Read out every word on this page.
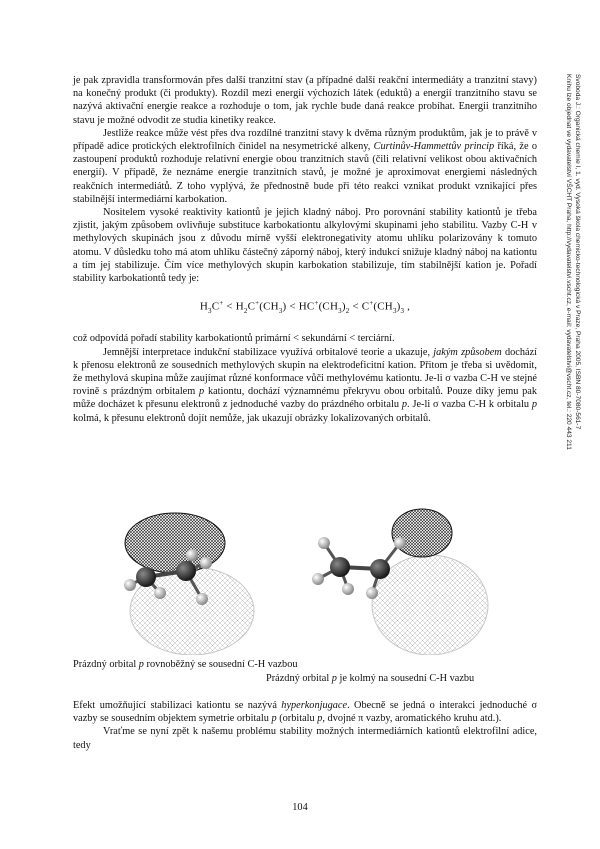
Svoboda J.: Organická chemie I, 1. vyd. Vysoká škola chemicko-technologická v Praze, Praha 2005, ISBN 80-7080-561-7
Knihu lze objednat ve vydavatelství VŠCHT Praha, http://vydavatelstvi.vscht.cz, e-mail: vydavatelstvi@vscht.cz, tel.: 220 443 211

je pak zpravidla transformován přes další tranzitní stav (a případné další reakční intermediáty a tranzitní stavy) na konečný produkt (či produkty). Rozdíl mezi energií výchozích látek (eduktů) a energií tranzitního stavu se nazývá aktivační energie reakce a rozhoduje o tom, jak rychle bude daná reakce probíhat. Energii tranzitního stavu je možné odvodit ze studia kinetiky reakce.

Jestliže reakce může vést přes dva rozdílné tranzitní stavy k dvěma různým produktům, jak je to právě v případě adice protických elektrofilních činidel na nesymetrické alkeny, Curtinův-Hammettův princip říká, že o zastoupení produktů rozhoduje relativní energie obou tranzitních stavů (čili relativní velikost obou aktivačních energií). V případě, že neznáme energie tranzitních stavů, je možné je aproximovat energiemi následných reakčních intermediátů. Z toho vyplývá, že přednostně bude při této reakci vznikat produkt vznikající přes stabilnější intermediární karbokation.

Nositelem vysoké reaktivity kationtů je jejich kladný náboj. Pro porovnání stability kationtů je třeba zjistit, jakým způsobem ovlivňuje substituce karbokationtu alkylovými skupinami jeho stabilitu. Vazby C-H v methylových skupinách jsou z důvodu mírně vyšší elektronegativity atomu uhlíku polarizovány k tomuto atomu. V důsledku toho má atom uhlíku částečný záporný náboj, který indukcí snižuje kladný náboj na kationtu a tím jej stabilizuje. Čím více methylových skupin karbokation stabilizuje, tím stabilnější kation je. Pořadí stability karbokationtů tedy je:

$H_3C^+ < H_2C^+(CH_3) < HC^+(CH_3)_2 < C^+(CH_3)_3$ ,

což odpovídá pořadí stability karbokationtů primární < sekundární < terciární.

Jemnější interpretace indukční stabilizace využívá orbitalové teorie a ukazuje, jakým způsobem dochází k přenosu elektronů ze sousedních methylových skupin na elektrodeficitní kation. Přitom je třeba si uvědomit, že methylová skupina může zaujímat různé konformace vůči methylovému kationtu. Je-li σ vazba C-H ve stejné rovině s prázdným orbitalem p kationtu, dochází významnému překryvu obou orbitalů. Pouze díky jemu pak může docházet k přesunu elektronů z jednoduché vazby do prázdného orbitalu p. Je-li σ vazba C-H k orbitalu p kolmá, k přesunu elektronů dojít nemůže, jak ukazují obrázky lokalizovaných orbitalů.

Prázdný orbital p rovnoběžný se sousední C-H vazbou
Prázdný orbital p je kolmý na sousední C-H vazbu

Efekt umožňující stabilizaci kationtu se nazývá hyperkonjugace. Obecně se jedná o interakci jednoduché σ vazby se sousedním objektem symetrie orbitalu p (orbitalu p, dvojné π vazby, aromatického kruhu atd.).

Vraťme se nyní zpět k našemu problému stability možných intermediárních kationtů elektrofilní adice, tedy

104
